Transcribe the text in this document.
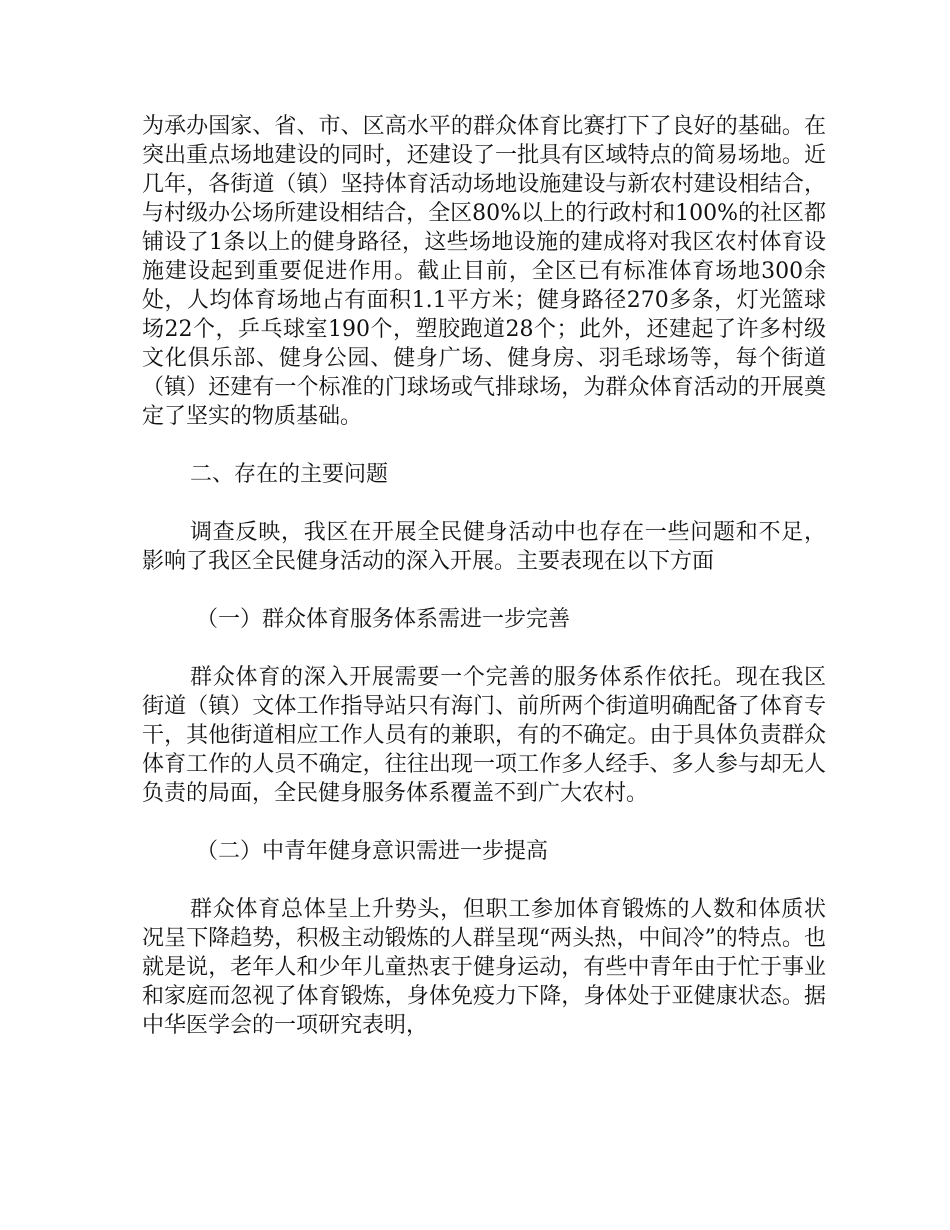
为承办国家、省、市、区高水平的群众体育比赛打下了良好的基础。在突出重点场地建设的同时，还建设了一批具有区域特点的简易场地。近几年，各街道（镇）坚持体育活动场地设施建设与新农村建设相结合，与村级办公场所建设相结合，全区80%以上的行政村和100%的社区都铺设了1条以上的健身路径，这些场地设施的建成将对我区农村体育设施建设起到重要促进作用。截止目前，全区已有标准体育场地300余处，人均体育场地占有面积1.1平方米；健身路径270多条，灯光篮球场22个，乒乓球室190个，塑胶跑道28个；此外，还建起了许多村级文化俱乐部、健身公园、健身广场、健身房、羽毛球场等，每个街道（镇）还建有一个标准的门球场或气排球场，为群众体育活动的开展奠定了坚实的物质基础。

二、存在的主要问题

调查反映，我区在开展全民健身活动中也存在一些问题和不足，影响了我区全民健身活动的深入开展。主要表现在以下方面

（一）群众体育服务体系需进一步完善

群众体育的深入开展需要一个完善的服务体系作依托。现在我区街道（镇）文体工作指导站只有海门、前所两个街道明确配备了体育专干，其他街道相应工作人员有的兼职，有的不确定。由于具体负责群众体育工作的人员不确定，往往出现一项工作多人经手、多人参与却无人负责的局面，全民健身服务体系覆盖不到广大农村。

（二）中青年健身意识需进一步提高

群众体育总体呈上升势头，但职工参加体育锻炼的人数和体质状况呈下降趋势，积极主动锻炼的人群呈现“两头热，中间冷”的特点。也就是说，老年人和少年儿童热衷于健身运动，有些中青年由于忙于事业和家庭而忽视了体育锻炼，身体免疫力下降，身体处于亚健康状态。据中华医学会的一项研究表明，
